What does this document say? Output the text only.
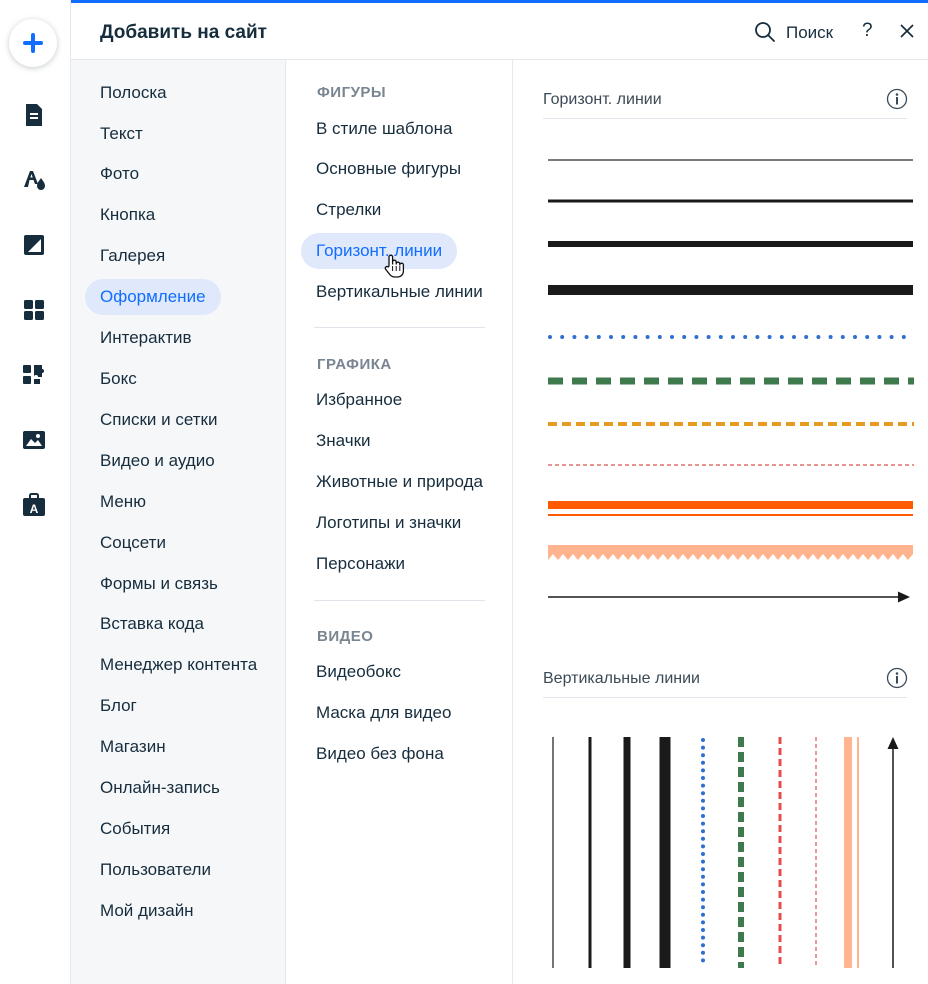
A
Добавить на сайт	Поиск ?
Полоска
Текст
Фото
Кнопка
Галерея
Оформление
Интерактив
Бокс
Списки и сетки
Видео и аудио
Меню
Соцсети
Формы и связь
Вставка кода
Менеджер контента
Блог
Магазин
Онлайн-запись
События
Пользователи
Мой дизайн
ФИГУРЫ
В стиле шаблона
Основные фигуры
Стрелки
Горизонт. линии
Вертикальные линии
ГРАФИКА
Избранное
Значки
Животные и природа
Логотипы и значки
Персонажи
ВИДЕО
Видеобокс
Маска для видео
Видео без фона
Горизонт. линии
Вертикальные линии
